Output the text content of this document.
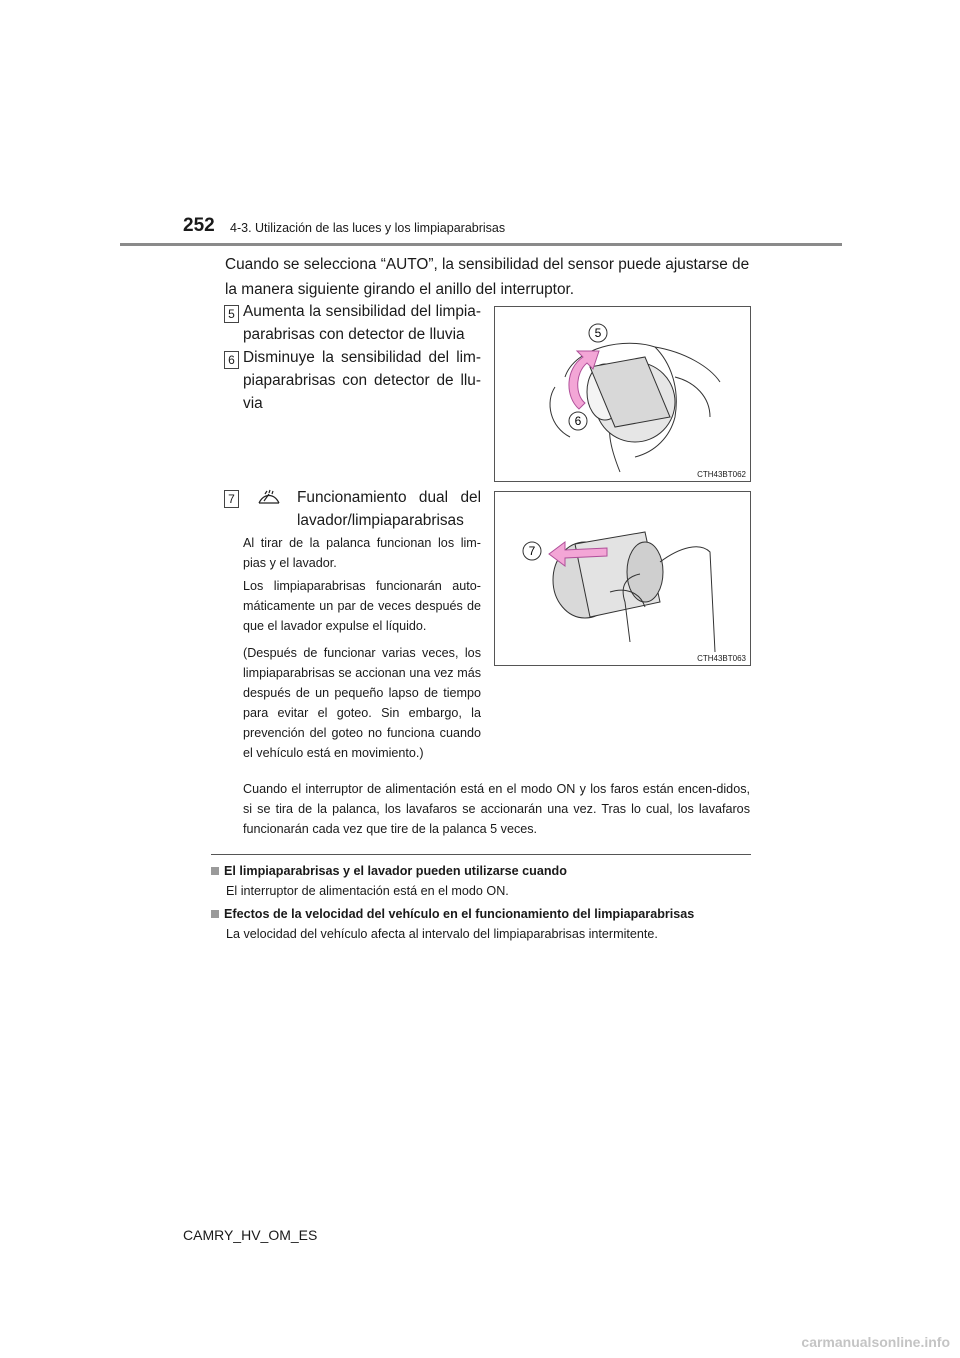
252 4-3. Utilización de las luces y los limpiaparabrisas
Cuando se selecciona “AUTO”, la sensibilidad del sensor puede ajustarse de la manera siguiente girando el anillo del interruptor.
5 Aumenta la sensibilidad del limpia-parabrisas con detector de lluvia
6 Disminuye la sensibilidad del lim-piaparabrisas con detector de llu-via
5
6
CTH43BT062
7	Funcionamiento dual del lavador/limpiaparabrisas
Al tirar de la palanca funcionan los lim-pias y el lavador.
Los limpiaparabrisas funcionarán auto-máticamente un par de veces después de que el lavador expulse el líquido.
(Después de funcionar varias veces, los limpiaparabrisas se accionan una vez más después de un pequeño lapso de tiempo para evitar el goteo. Sin embargo, la prevención del goteo no funciona cuando el vehículo está en movimiento.)
7
CTH43BT063
Cuando el interruptor de alimentación está en el modo ON y los faros están encen-didos, si se tira de la palanca, los lavafaros se accionarán una vez. Tras lo cual, los lavafaros funcionarán cada vez que tire de la palanca 5 veces.
El limpiaparabrisas y el lavador pueden utilizarse cuando
El interruptor de alimentación está en el modo ON.
Efectos de la velocidad del vehículo en el funcionamiento del limpiaparabrisas
La velocidad del vehículo afecta al intervalo del limpiaparabrisas intermitente.
CAMRY_HV_OM_ES
carmanualsonline.info
